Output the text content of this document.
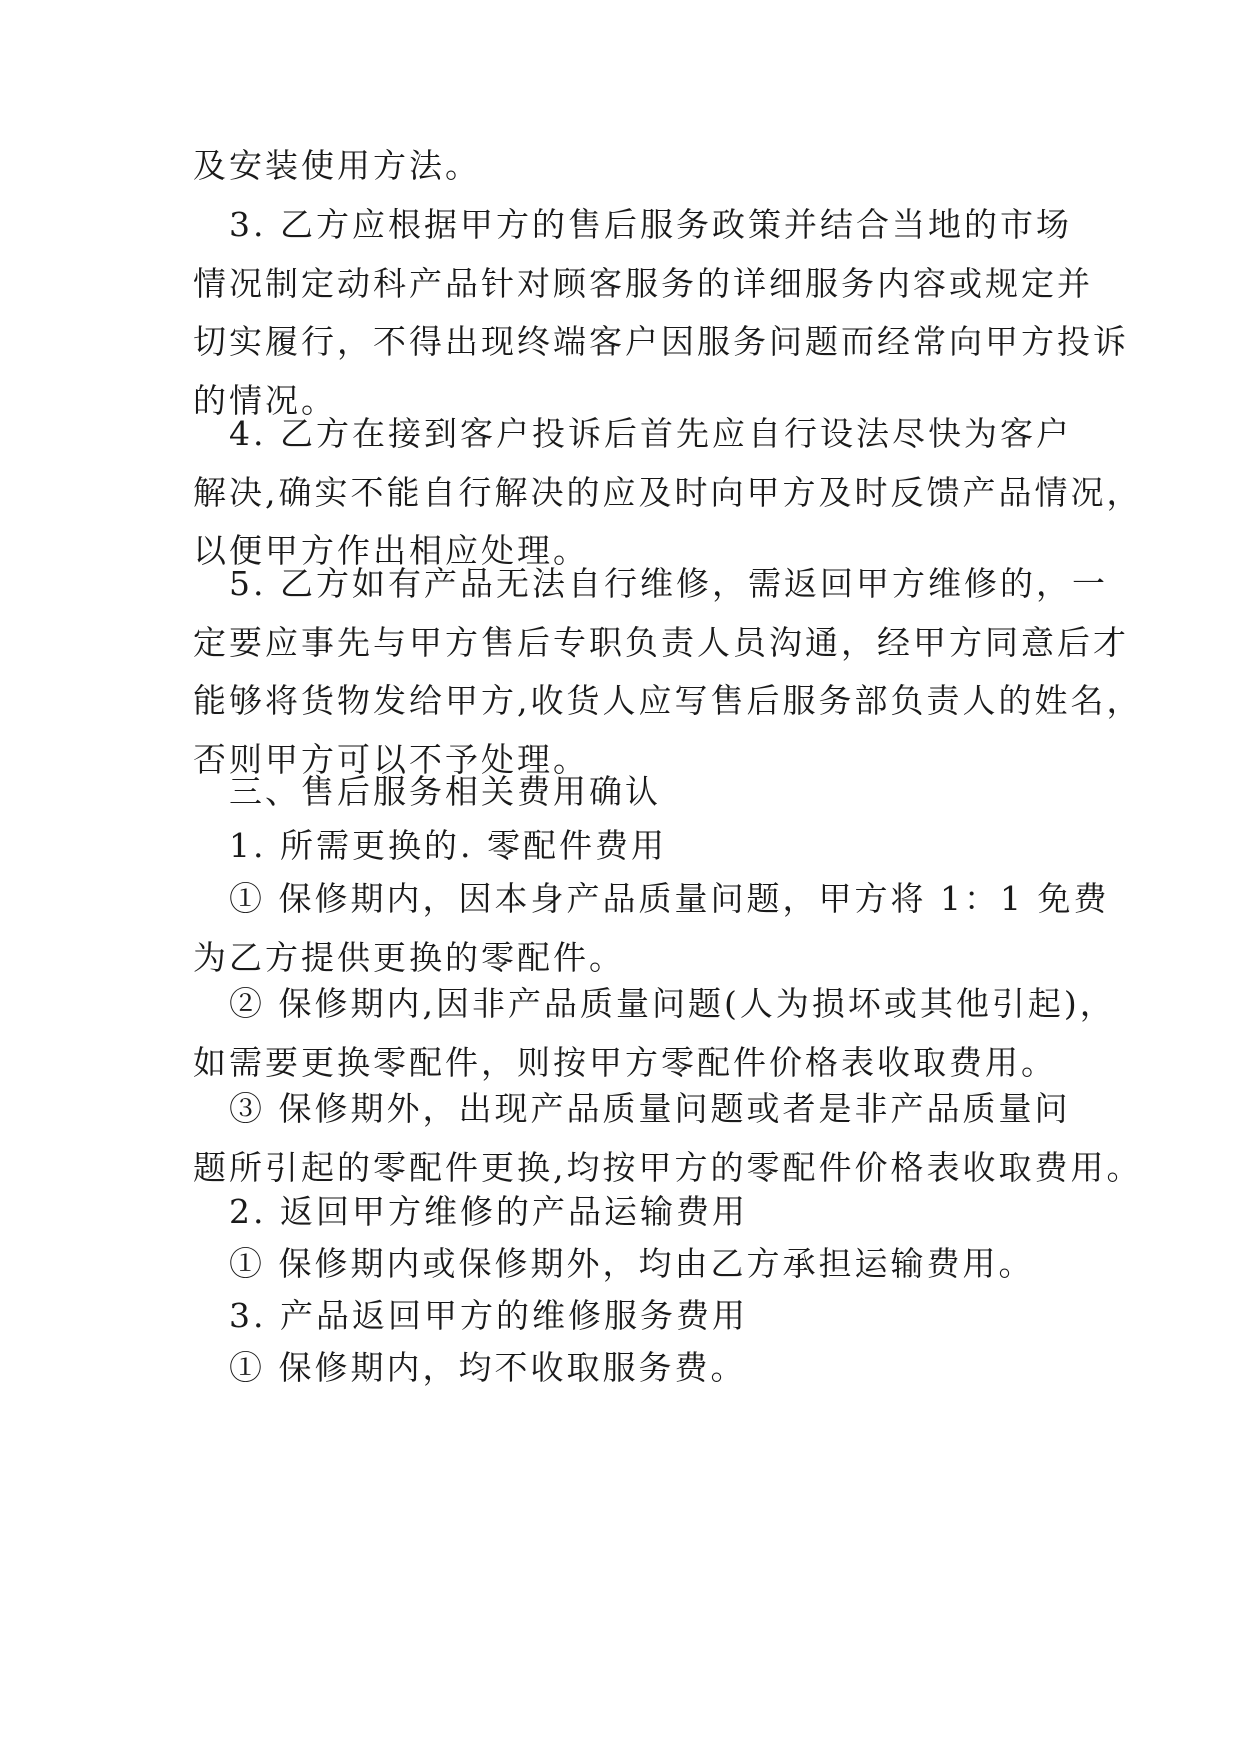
及安装使用方法。
　3. 乙方应根据甲方的售后服务政策并结合当地的市场
情况制定动科产品针对顾客服务的详细服务内容或规定并
切实履行，不得出现终端客户因服务问题而经常向甲方投诉
的情况。
　4. 乙方在接到客户投诉后首先应自行设法尽快为客户
解决,确实不能自行解决的应及时向甲方及时反馈产品情况，
以便甲方作出相应处理。
　5. 乙方如有产品无法自行维修，需返回甲方维修的，一
定要应事先与甲方售后专职负责人员沟通，经甲方同意后才
能够将货物发给甲方,收货人应写售后服务部负责人的姓名，
否则甲方可以不予处理。
　三、售后服务相关费用确认
　1. 所需更换的. 零配件费用
　① 保修期内，因本身产品质量问题，甲方将 1：1 免费
为乙方提供更换的零配件。
　② 保修期内,因非产品质量问题(人为损坏或其他引起)，
如需要更换零配件，则按甲方零配件价格表收取费用。
　③ 保修期外，出现产品质量问题或者是非产品质量问
题所引起的零配件更换,均按甲方的零配件价格表收取费用。
　2. 返回甲方维修的产品运输费用
　① 保修期内或保修期外，均由乙方承担运输费用。
　3. 产品返回甲方的维修服务费用
　① 保修期内，均不收取服务费。
